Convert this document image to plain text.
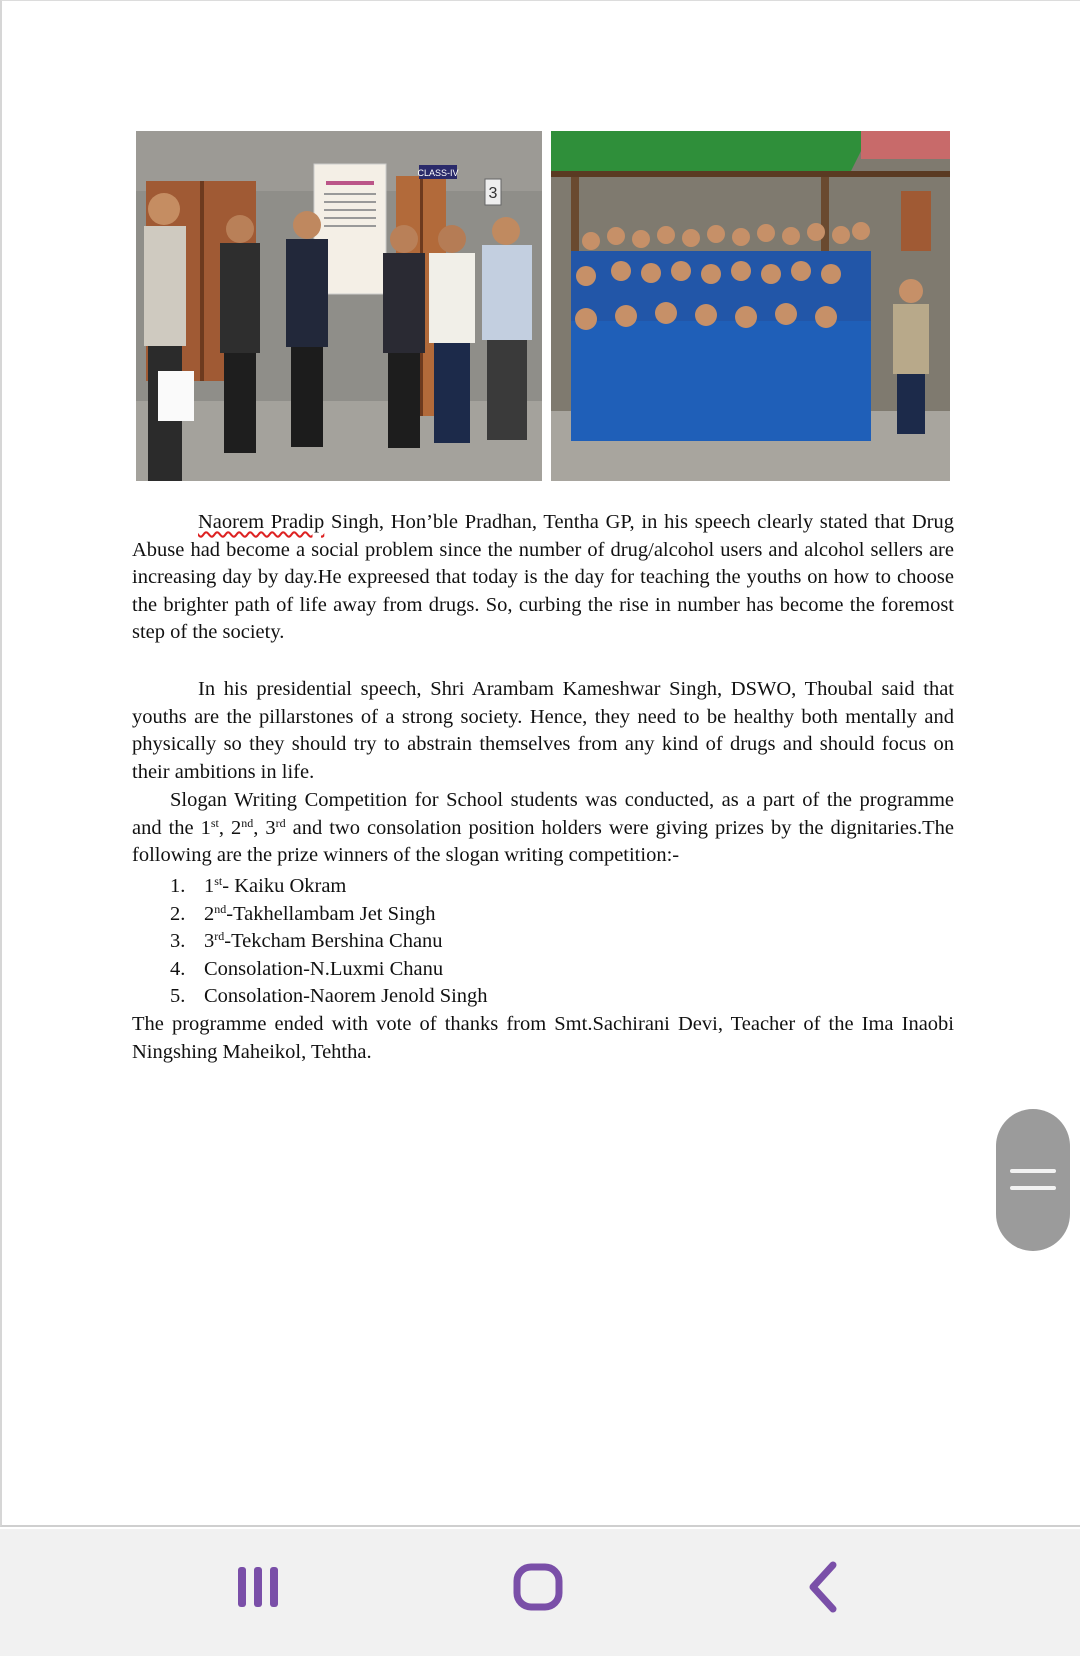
CLASS-IV
3

Naorem Pradip Singh, Hon’ble Pradhan, Tentha GP, in his speech clearly stated that Drug Abuse had become a social problem since the number of drug/alcohol users and alcohol sellers are increasing day by day.He expreesed that today is the day for teaching the youths on how to choose the brighter path of life away from drugs. So, curbing the rise in number has become the foremost step of the society.

In his presidential speech, Shri Arambam Kameshwar Singh, DSWO, Thoubal said that youths are the pillarstones of a strong society. Hence, they need to be healthy both mentally and physically so they should try to abstrain themselves from any kind of drugs and should focus on their ambitions in life.

Slogan Writing Competition for School students was conducted, as a part of the programme and the 1st, 2nd, 3rd and two consolation position holders were giving prizes by the dignitaries.The following are the prize winners of the slogan writing competition:-

1. 1st- Kaiku Okram
2. 2nd-Takhellambam Jet Singh
3. 3rd-Tekcham Bershina Chanu
4. Consolation-N.Luxmi Chanu
5. Consolation-Naorem Jenold Singh

The programme ended with vote of thanks from Smt.Sachirani Devi, Teacher of the Ima Inaobi Ningshing Maheikol, Tehtha.
